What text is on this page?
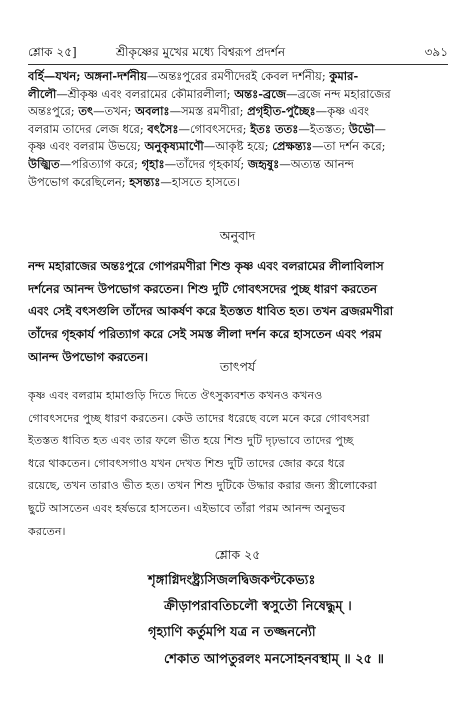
শ্লোক ২৫]	শ্রীকৃষ্ণের মুখের মধ্যে বিশ্বরূপ প্রদর্শন	৩৯১
বর্হি—যখন; অঙ্গনা-দর্শনীয়—অন্তঃপুরের রমণীদেরই কেবল দর্শনীয়; কুমার-
লীলৌ—শ্রীকৃষ্ণ এবং বলরামের কৌমারলীলা; অন্তঃ-ব্রজে—ব্রজে নন্দ মহারাজের
অন্তঃপুরে; তৎ—তখন; অবলাঃ—সমস্ত রমণীরা; প্রগৃহীত-পুচ্ছৈঃ—কৃষ্ণ এবং
বলরাম তাদের লেজ ধরে; বৎসৈঃ—গোবৎসদের; ইতঃ ততঃ—ইতস্তত; উভৌ—
কৃষ্ণ এবং বলরাম উভয়ে; অনুকৃষ্যমাণৌ—আকৃষ্ট হয়ে; প্রেক্ষন্ত্যঃ—তা দর্শন করে;
উজ্ঝিত—পরিত্যাগ করে; গৃহাঃ—তাঁদের গৃহকার্য; জহৃষুঃ—অত্যন্ত আনন্দ
উপভোগ করেছিলেন; হসন্ত্যঃ—হাসতে হাসতে।
অনুবাদ
নন্দ মহারাজের অন্তঃপুরে গোপরমণীরা শিশু কৃষ্ণ এবং বলরামের লীলাবিলাস
দর্শনের আনন্দ উপভোগ করতেন। শিশু দুটি গোবৎসদের পুচ্ছ ধারণ করতেন
এবং সেই বৎসগুলি তাঁদের আকর্ষণ করে ইতস্তত ধাবিত হত। তখন ব্রজরমণীরা
তাঁদের গৃহকার্য পরিত্যাগ করে সেই সমস্ত লীলা দর্শন করে হাসতেন এবং পরম
আনন্দ উপভোগ করতেন।
তাৎপর্য
কৃষ্ণ এবং বলরাম হামাগুড়ি দিতে দিতে ঔৎসুক্যবশত কখনও কখনও
গোবৎসদের পুচ্ছ ধারণ করতেন। কেউ তাদের ধরেছে বলে মনে করে গোবৎসরা
ইতস্তত ধাবিত হত এবং তার ফলে ভীত হয়ে শিশু দুটি দৃঢ়ভাবে তাদের পুচ্ছ
ধরে থাকতেন। গোবৎসগাও যখন দেখত শিশু দুটি তাদের জোর করে ধরে
রয়েছে, তখন তারাও ভীত হত। তখন শিশু দুটিকে উদ্ধার করার জন্য স্ত্রীলোকেরা
ছুটে আসতেন এবং হর্ষভরে হাসতেন। এইভাবে তাঁরা পরম আনন্দ অনুভব
করতেন।
শ্লোক ২৫
শৃঙ্গাগ্নিদংষ্ট্র্যসিজলদ্বিজকণ্টকেভ্যঃ
ক্রীড়াপরাবতিচলৌ স্বসুতৌ নিষেদ্ধুম্ ।
গৃহ্যাণি কর্তুমপি যত্র ন তজ্জনন্যৌ
শেকাত আপতুরলং মনসোহনবস্থাম্ ॥ ২৫ ॥
